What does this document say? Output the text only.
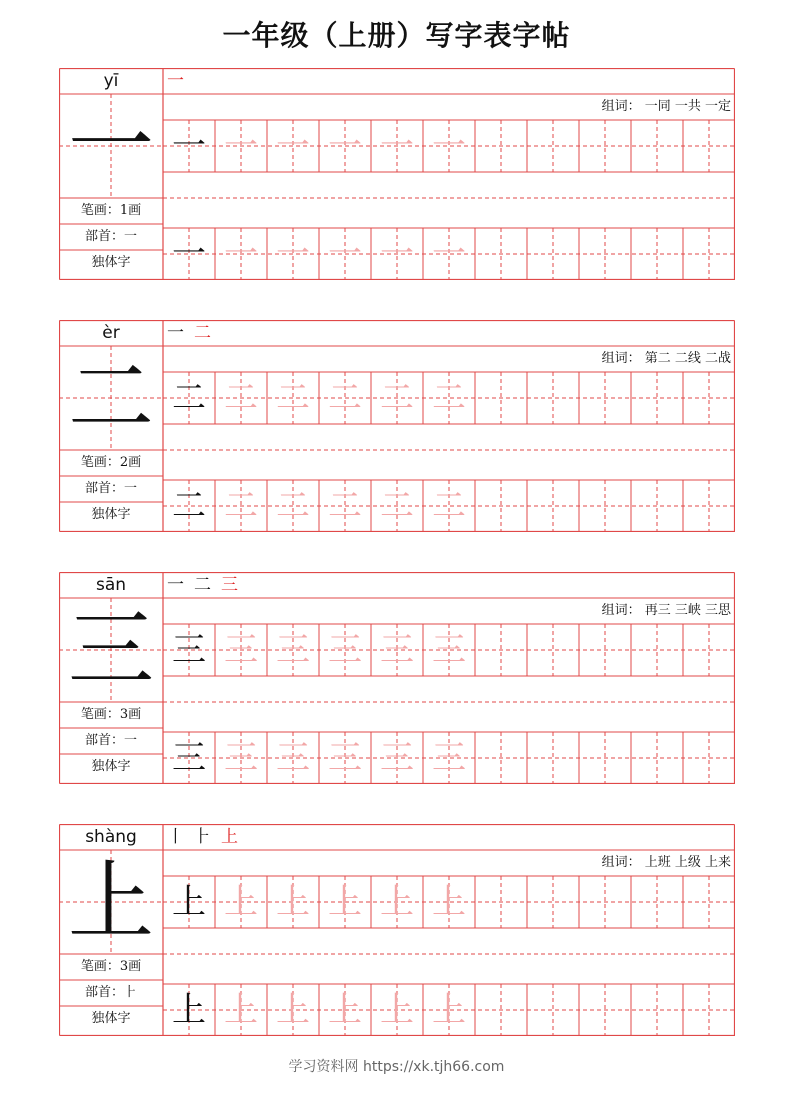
一年级（上册）写字表字帖
yī
一
笔画：1画
部首：一
独体字
组词： 一同 一共 一定
一
一 一 一 一 一 一
一 一 一 一 一 一
èr
二
笔画：2画
部首：一
独体字
组词： 第二 二线 二战
一 二
二 二 二 二 二 二
二 二 二 二 二 二
sān
三
笔画：3画
部首：一
独体字
组词： 再三 三峡 三思
一 二 三
三 三 三 三 三 三
三 三 三 三 三 三
shàng
上
笔画：3画
部首：⺊
独体字
组词： 上班 上级 上来
丨 ⺊ 上
上 上 上 上 上 上
上 上 上 上 上 上
学习资料网 https://xk.tjh66.com
